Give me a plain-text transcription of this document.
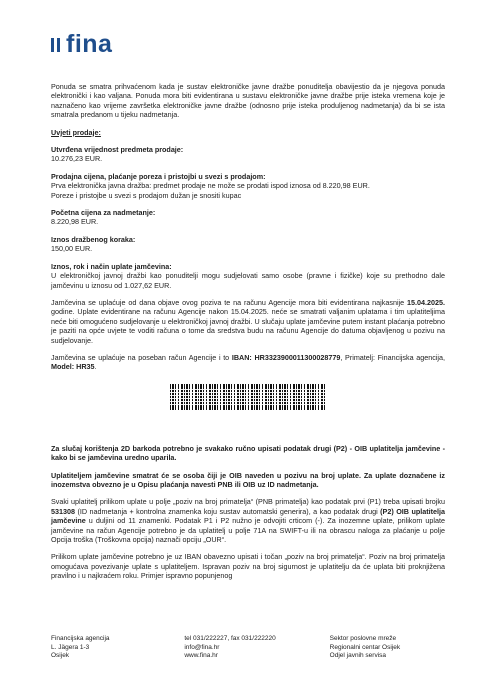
fina

Ponuda se smatra prihvaćenom kada je sustav elektroničke javne dražbe ponuditelja obavijestio da je njegova ponuda elektronički i kao valjana. Ponuda mora biti evidentirana u sustavu elektroničke javne dražbe prije isteka vremena koje je naznačeno kao vrijeme završetka elektroničke javne dražbe (odnosno prije isteka produljenog nadmetanja) da bi se ista smatrala predanom u tijeku nadmetanja.

Uvjeti prodaje:
Utvrđena vrijednost predmeta prodaje:
10.276,23 EUR.
Prodajna cijena, plaćanje poreza i pristojbi u svezi s prodajom:
Prva elektronička javna dražba: predmet prodaje ne može se prodati ispod iznosa od 8.220,98 EUR.
Poreze i pristojbe u svezi s prodajom dužan je snositi kupac
Početna cijena za nadmetanje:
8.220,98 EUR.
Iznos dražbenog koraka:
150,00 EUR.
Iznos, rok i način uplate jamčevina:
U elektroničkoj javnoj dražbi kao ponuditelji mogu sudjelovati samo osobe (pravne i fizičke) koje su prethodno dale jamčevinu u iznosu od 1.027,62 EUR.

Jamčevina se uplaćuje od dana objave ovog poziva te na računu Agencije mora biti evidentirana najkasnije 15.04.2025. godine. Uplate evidentirane na računu Agencije nakon 15.04.2025. neće se smatrati valjanim uplatama i tim uplatiteljima neće biti omogućeno sudjelovanje u elektroničkoj javnoj dražbi. U slučaju uplate jamčevine putem instant plaćanja potrebno je paziti na opće uvjete te voditi računa o tome da sredstva budu na računu Agencije do datuma objavljenog u pozivu na sudjelovanje.

Jamčevina se uplaćuje na poseban račun Agencije i to IBAN: HR3323900011300028779, Primatelj: Financijska agencija, Model: HR35.

Za slučaj korištenja 2D barkoda potrebno je svakako ručno upisati podatak drugi (P2) - OIB uplatitelja jamčevine - kako bi se jamčevina uredno uparila.

Uplatiteljem jamčevine smatrat će se osoba čiji je OIB naveden u pozivu na broj uplate. Za uplate doznačene iz inozemstva obvezno je u Opisu plaćanja navesti PNB ili OIB uz ID nadmetanja.

Svaki uplatitelj prilikom uplate u polje „poziv na broj primatelja“ (PNB primatelja) kao podatak prvi (P1) treba upisati brojku 531308 (ID nadmetanja + kontrolna znamenka koju sustav automatski generira), a kao podatak drugi (P2) OIB uplatitelja jamčevine u duljini od 11 znamenki. Podatak P1 i P2 nužno je odvojiti crticom (-). Za inozemne uplate, prilikom uplate jamčevine na račun Agencije potrebno je da uplatitelj u polje 71A na SWIFT-u ili na obrascu naloga za plaćanje u polje Opcija troška (Troškovna opcija) naznači opciju „OUR“.

Prilikom uplate jamčevine potrebno je uz IBAN obavezno upisati i točan „poziv na broj primatelja“. Poziv na broj primatelja omogućava povezivanje uplate s uplatiteljem. Ispravan poziv na broj sigurnost je uplatitelju da će uplata biti proknjižena pravilno i u najkraćem roku. Primjer ispravno popunjenog

Financijska agencija
L. Jägera 1-3
Osijek
tel 031/222227, fax 031/222220
info@fina.hr
www.fina.hr
Sektor poslovne mreže
Regionalni centar Osijek
Odjel javnih servisa
